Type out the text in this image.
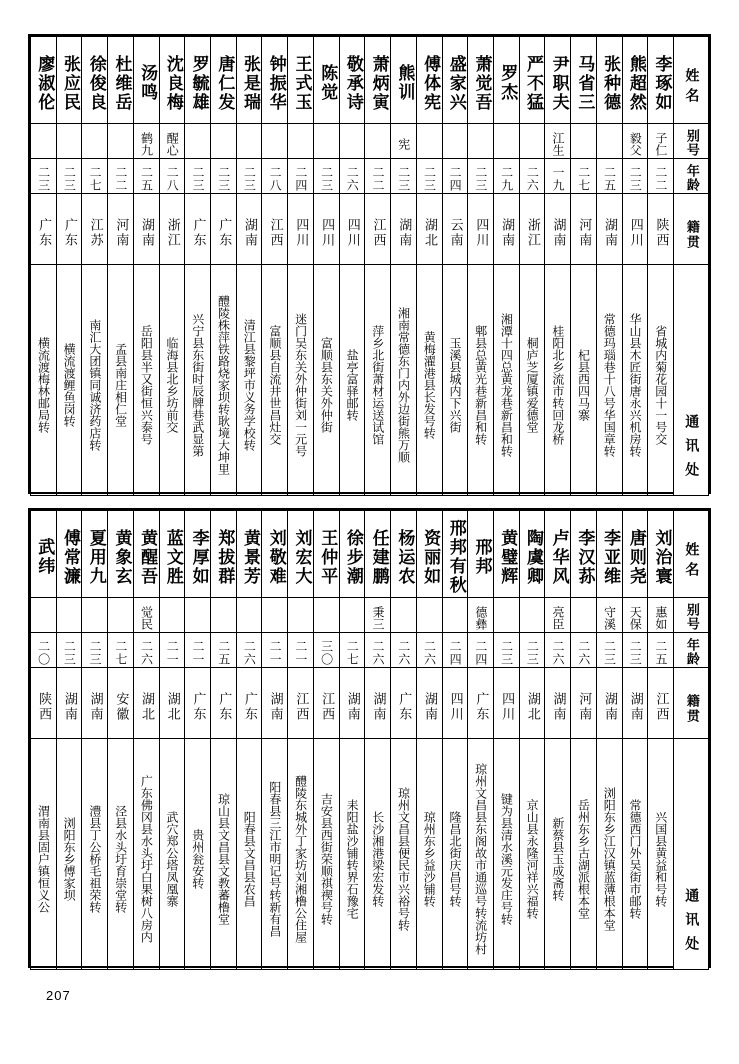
廖淑伦	张应民	徐俊良	杜维岳	汤鸣	沈良梅	罗毓雄	唐仁发	张是瑞	钟振华	王式玉	陈觉	敬承诗	萧炳寅	熊训	傅体宪	盛家兴	萧觉吾	罗杰	严不猛	尹职夫	马省三	张种德	熊超然	李琢如	姓名

				鹤九	醒心									宪						江生			毅父	子仁	别号

二三	二三	二七	二二	二五	二八	二三	二三	二三	二八	二四	二三	二六	二二	二三	二三	二四	二三	二九	二六	一九	二七	二五	二三	二二	年龄

广东	广东	江苏	河南	湖南	浙江	广东	广东	湖南	江西	四川	四川	四川	江西	湖南	湖北	云南	四川	湖南	浙江	湖南	河南	湖南	四川	陕西	籍贯

横流渡梅林邮局转	横流渡鲤鱼岗转	南汇大团镇同诚济药店转	孟县南庄相仁堂	岳阳县半又街恒兴泰号	临海县北乡坊前交	兴宁县东街时辰牌巷武显第	醴陵株萍铁路烧家坝转耿境大坤里	清江县黎坪市义务学校转	富顺县自流井世昌灶交	迷门吴东关外仲街刘一元号	富顺县东关外仲街	盐亭富驿邮转	萍乡北街萧材运送试馆	湘南常德东门内外边街熊万顺	黄梅濯港县长发号转	玉溪县城内下兴街	郫县总黄光巷新昌和转	湘潭十四总黄龙巷新昌和转	桐庐芝厦镇爱德堂	桂阳北乡流市转回龙桥	杞县西四马寨	常德玛瑙巷十八号华国章转	华山县木匠街唐永兴机房转	省城内菊花园十一号交	通讯处
武纬	傅常濂	夏用九	黄象玄	黄醒吾	蓝文胜	李厚如	郑拔群	黄景芳	刘敬难	刘宏大	王仲平	徐步潮	任建鹏	杨运农	资丽如	邢邦有秋	邢邦	黄璧辉	陶虞卿	卢华风	李汉荪	李亚维	唐则尧	刘治寰	姓名

				觉民									秉三				德彝			亮臣		守溪	天保	惠如	别号

二〇	二三	二三	二七	二六	二一	二一	二五	二六	二一	二一	三〇	二七	二六	二六	二六	二四	二四	二三	二三	二六	二六	二三	二三	二五	年龄

陕西	湖南	湖南	安徽	湖北	湖北	广东	广东	广东	湖南	江西	江西	湖南	湖南	广东	湖南	四川	广东	四川	湖北	湖南	河南	湖南	湖南	江西	籍贯

渭南县固户镇恒义公	浏阳东乡傅家坝	澧县丁公桥毛祖荣转	泾县水头圩育崇堂转	广东佛冈县水头圩白果树八房内	武穴郑公塔凤凰寨	贵州瓮安转	琼山县文昌县文教蕃橹堂	阳春县文昌县农昌	阳春县三江市明记号转新有昌	醴陵东城外丁家坊刘湘橹公住屋	吉安县西街荣顺祺禊号转	耒阳盐沙铺转界石豫宅	长沙湘港梁宏发转	琼州文昌县便民市兴裕号转	琼州东乡益沙铺转	隆昌北街庆昌号转	琼州文昌县东阁故市通巡号转流坊村	键为县清水溪元发庄号转	京山县永隆河祥兴福转	新蔡县玉成斋转	岳州东乡古湖派根本堂	浏阳东乡江汉镇蓝薄根本堂	常德西门外吴街市邮转	兴国县黄益和号转	通讯处
207
